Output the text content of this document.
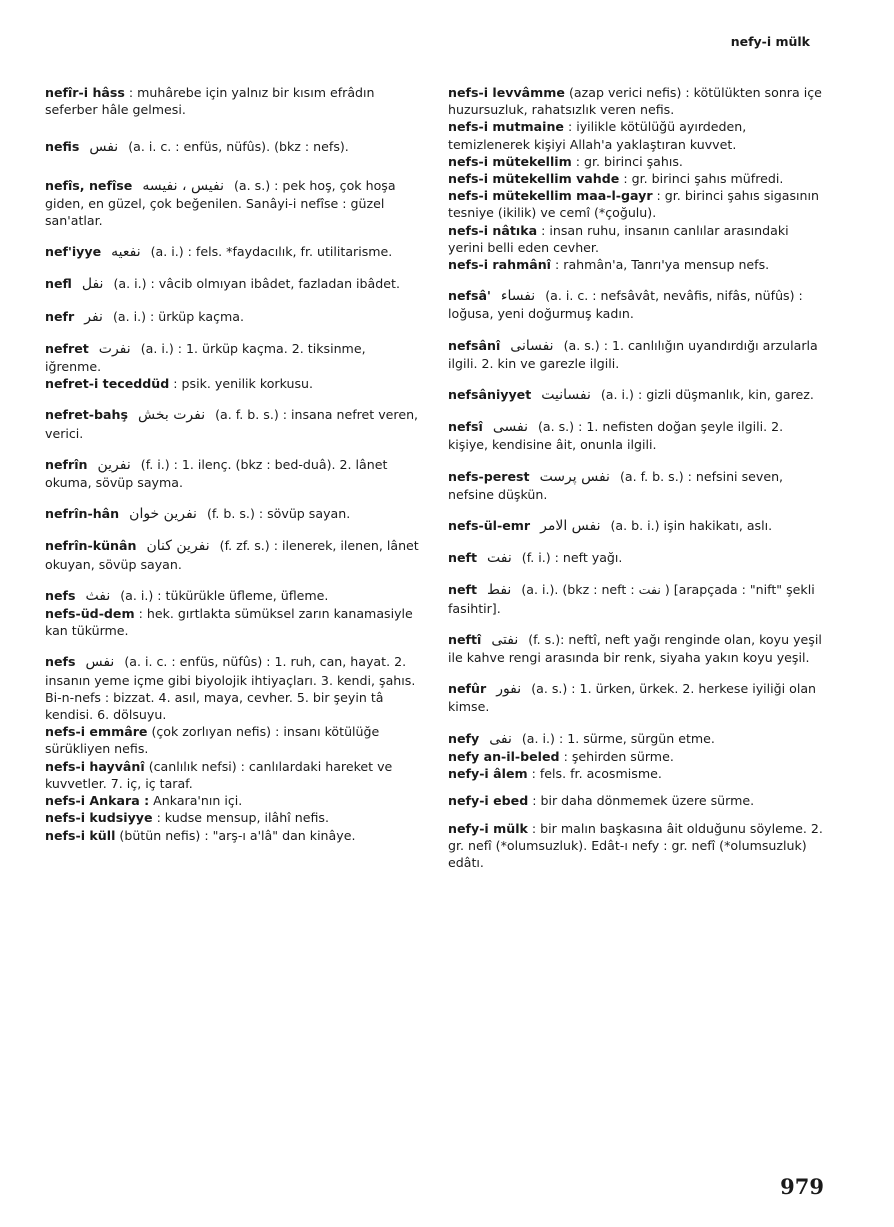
nefy-i mülk

nefîr-i hâss : muhârebe için yalnız bir kısım efrâdın seferber hâle gelmesi.

nefis نفس (a. i. c. : enfüs, nüfûs). (bkz : nefs).

nefîs, nefîse نفيس ، نفيسه (a. s.) : pek hoş, çok hoşa giden, en güzel, çok beğenilen. Sanâyi-i nefîse : güzel san'atlar.

nef'iyye نفعيه (a. i.) : fels. *faydacılık, fr. utilitarisme.

nefl نفل (a. i.) : vâcib olmıyan ibâdet, fazladan ibâdet.

nefr نفر (a. i.) : ürküp kaçma.

nefret نفرت (a. i.) : 1. ürküp kaçma. 2. tiksinme, iğrenme.

nefret-i teceddüd : psik. yenilik korkusu.

nefret-bahş نفرت بخش (a. f. b. s.) : insana nefret veren, verici.

nefrîn نفرين (f. i.) : 1. ilenç. (bkz : bed-duâ). 2. lânet okuma, sövüp sayma.

nefrîn-hân نفرين خوان (f. b. s.) : sövüp sayan.

nefrîn-künân نفرين كنان (f. zf. s.) : ilenerek, ilenen, lânet okuyan, sövüp sayan.

nefs نفث (a. i.) : tükürükle üfleme, üfleme.

nefs-üd-dem : hek. gırtlakta sümüksel zarın kanamasiyle kan tükürme.

nefs نفس (a. i. c. : enfüs, nüfûs) : 1. ruh, can, hayat. 2. insanın yeme içme gibi biyolojik ihtiyaçları. 3. kendi, şahıs. Bi-n-nefs : bizzat. 4. asıl, maya, cevher. 5. bir şeyin tâ kendisi. 6. dölsuyu.

nefs-i emmâre (çok zorlıyan nefis) : insanı kötülüğe sürükliyen nefis.

nefs-i hayvânî (canlılık nefsi) : canlılardaki hareket ve kuvvetler. 7. iç, iç taraf.

nefs-i Ankara : Ankara'nın içi.

nefs-i kudsiyye : kudse mensup, ilâhî nefis.

nefs-i küll (bütün nefis) : "arş-ı a'lâ" dan kinâye.

nefs-i levvâmme (azap verici nefis) : kötülükten sonra içe huzursuzluk, rahatsızlık veren nefis.

nefs-i mutmaine : iyilikle kötülüğü ayırdeden, temizlenerek kişiyi Allah'a yaklaştıran kuvvet.

nefs-i mütekellim : gr. birinci şahıs.

nefs-i mütekellim vahde : gr. birinci şahıs müfredi.

nefs-i mütekellim maa-l-gayr : gr. birinci şahıs sigasının tesniye (ikilik) ve cemî (*çoğulu).

nefs-i nâtıka : insan ruhu, insanın canlılar arasındaki yerini belli eden cevher.

nefs-i rahmânî : rahmân'a, Tanrı'ya mensup nefs.

nefsâ' نفساء (a. i. c. : nefsâvât, nevâfis, nifâs, nüfûs) : loğusa, yeni doğurmuş kadın.

nefsânî نفسانى (a. s.) : 1. canlılığın uyandırdığı arzularla ilgili. 2. kin ve garezle ilgili.

nefsâniyyet نفسانيت (a. i.) : gizli düşmanlık, kin, garez.

nefsî نفسى (a. s.) : 1. nefisten doğan şeyle ilgili. 2. kişiye, kendisine âit, onunla ilgili.

nefs-perest نفس پرست (a. f. b. s.) : nefsini seven, nefsine düşkün.

nefs-ül-emr نفس الامر (a. b. i.) işin hakikatı, aslı.

neft نفت (f. i.) : neft yağı.

neft نفط (a. i.). (bkz : neft : نفت ) [arapçada : "nift" şekli fasihtir].

neftî نفتى (f. s.): neftî, neft yağı renginde olan, koyu yeşil ile kahve rengi arasında bir renk, siyaha yakın koyu yeşil.

nefûr نفور (a. s.) : 1. ürken, ürkek. 2. herkese iyiliği olan kimse.

nefy نفى (a. i.) : 1. sürme, sürgün etme.

nefy an-il-beled : şehirden sürme.

nefy-i âlem : fels. fr. acosmisme.

nefy-i ebed : bir daha dönmemek üzere sürme.

nefy-i mülk : bir malın başkasına âit olduğunu söyleme. 2. gr. nefî (*olumsuzluk). Edât-ı nefy : gr. nefî (*olumsuzluk) edâtı.

979
